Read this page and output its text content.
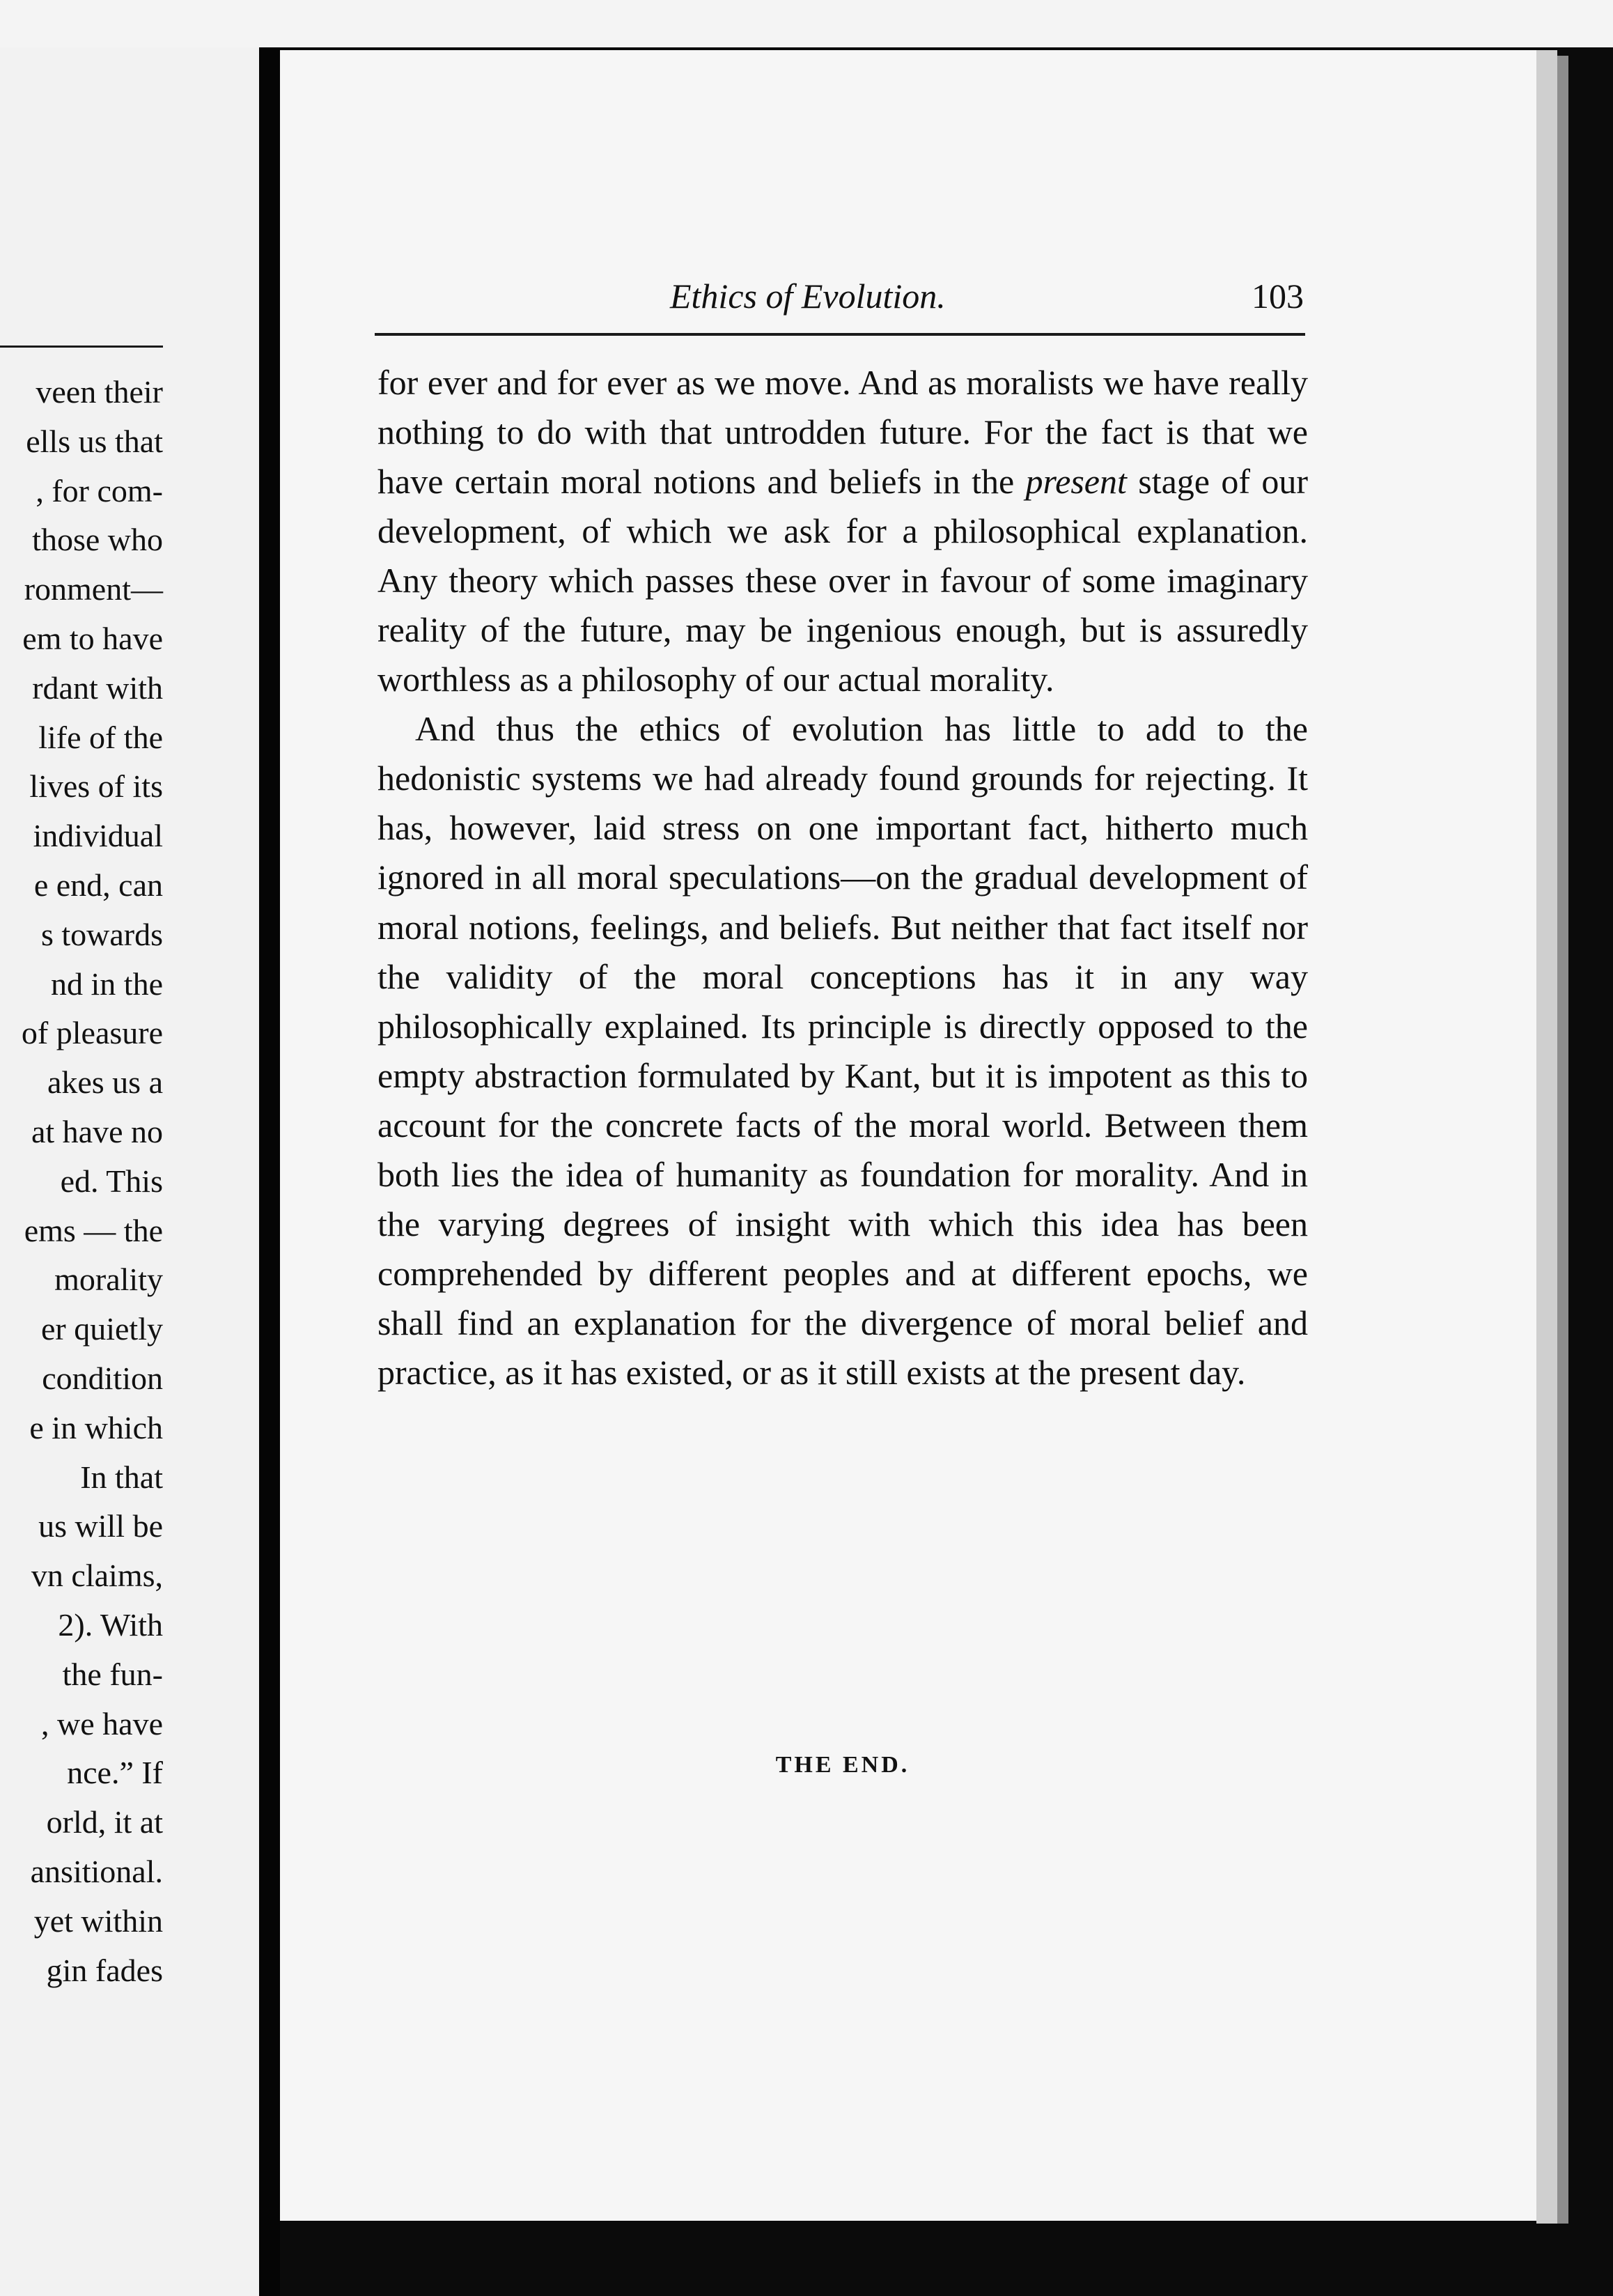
veen their
ells us that
, for com-
those who
ronment—
em to have
rdant with
life of the
lives of its
individual
e end, can
s towards
nd in the
of pleasure
akes us a
at have no
ed. This
ems — the
morality
er quietly
condition
e in which
In that
us will be
vn claims,
2). With
the fun-
, we have
nce.” If
orld, it at
ansitional.
yet within
gin fades
Ethics of Evolution.	103

for ever and for ever as we move. And as moralists we have really nothing to do with that untrodden future. For the fact is that we have certain moral notions and beliefs in the present stage of our development, of which we ask for a philosophical explanation. Any theory which passes these over in favour of some imaginary reality of the future, may be ingenious enough, but is assuredly worthless as a philosophy of our actual morality.

And thus the ethics of evolution has little to add to the hedonistic systems we had already found grounds for rejecting. It has, however, laid stress on one important fact, hitherto much ignored in all moral speculations—on the gradual development of moral notions, feelings, and beliefs. But neither that fact itself nor the validity of the moral conceptions has it in any way philosophically explained. Its principle is directly opposed to the empty abstraction formulated by Kant, but it is impotent as this to account for the concrete facts of the moral world. Between them both lies the idea of humanity as foundation for morality. And in the varying degrees of insight with which this idea has been comprehended by different peoples and at different epochs, we shall find an explanation for the divergence of moral belief and practice, as it has existed, or as it still exists at the present day.

THE END.
